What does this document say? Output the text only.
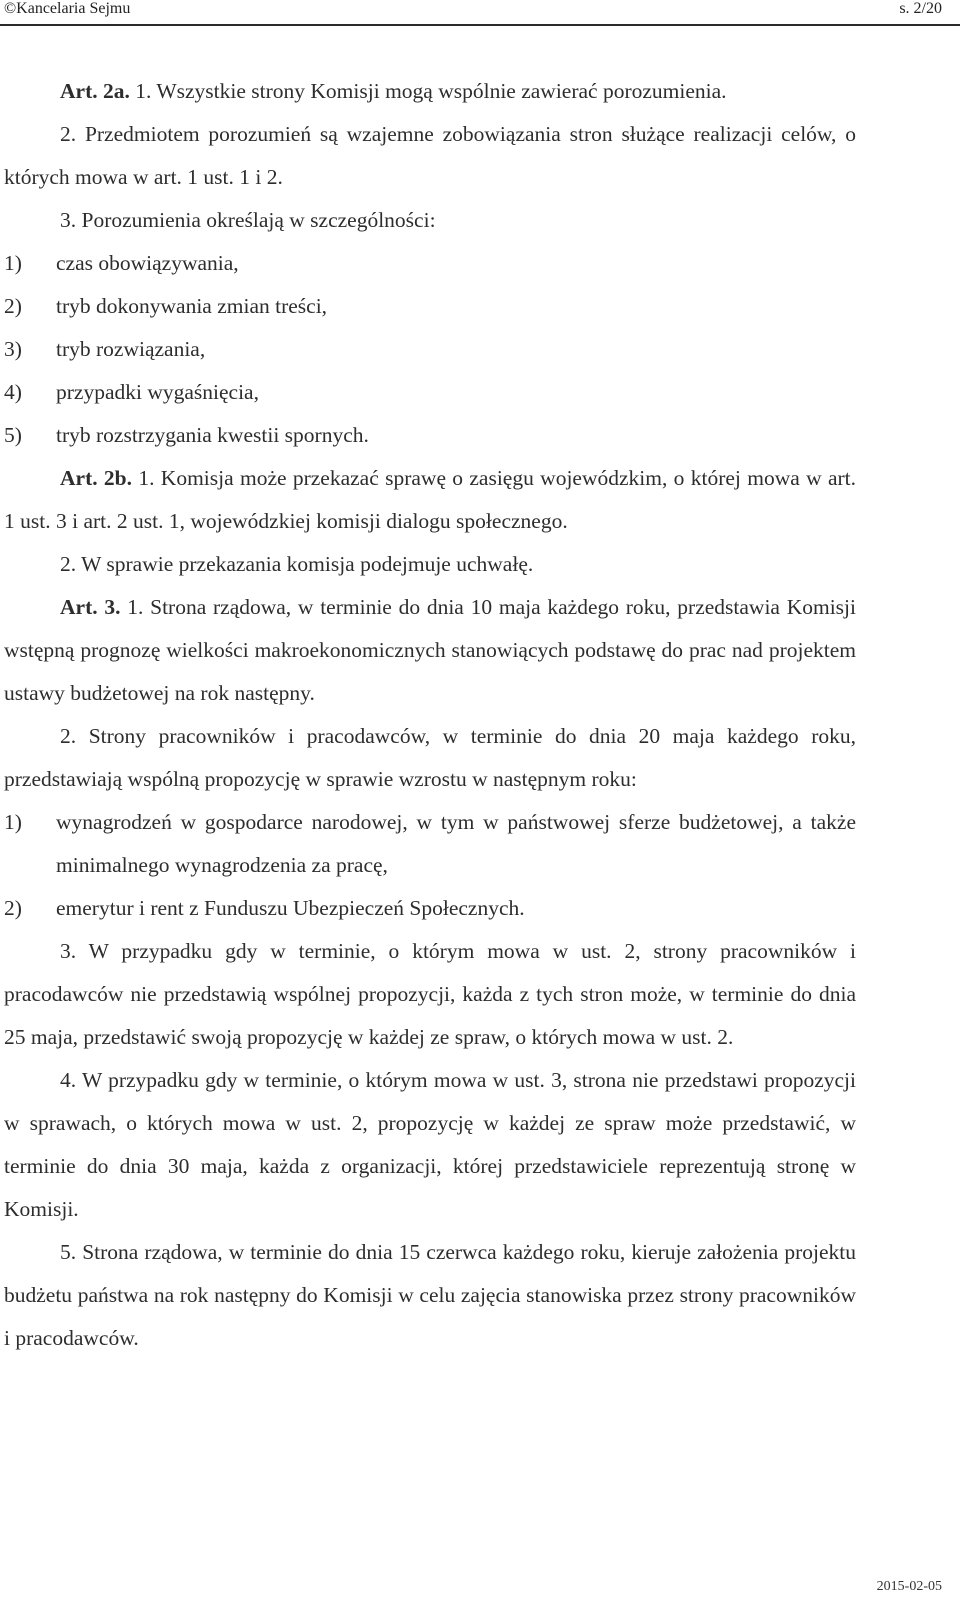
©Kancelaria Sejmu	s. 2/20

Art. 2a. 1. Wszystkie strony Komisji mogą wspólnie zawierać porozumienia.

2. Przedmiotem porozumień są wzajemne zobowiązania stron służące realizacji celów, o których mowa w art. 1 ust. 1 i 2.

3. Porozumienia określają w szczególności:

1) czas obowiązywania,

2) tryb dokonywania zmian treści,

3) tryb rozwiązania,

4) przypadki wygaśnięcia,

5) tryb rozstrzygania kwestii spornych.

Art. 2b. 1. Komisja może przekazać sprawę o zasięgu wojewódzkim, o której mowa w art. 1 ust. 3 i art. 2 ust. 1, wojewódzkiej komisji dialogu społecznego.

2. W sprawie przekazania komisja podejmuje uchwałę.

Art. 3. 1. Strona rządowa, w terminie do dnia 10 maja każdego roku, przedstawia Komisji wstępną prognozę wielkości makroekonomicznych stanowiących podstawę do prac nad projektem ustawy budżetowej na rok następny.

2. Strony pracowników i pracodawców, w terminie do dnia 20 maja każdego roku, przedstawiają wspólną propozycję w sprawie wzrostu w następnym roku:

1) wynagrodzeń w gospodarce narodowej, w tym w państwowej sferze budżetowej, a także minimalnego wynagrodzenia za pracę,

2) emerytur i rent z Funduszu Ubezpieczeń Społecznych.

3. W przypadku gdy w terminie, o którym mowa w ust. 2, strony pracowników i pracodawców nie przedstawią wspólnej propozycji, każda z tych stron może, w terminie do dnia 25 maja, przedstawić swoją propozycję w każdej ze spraw, o których mowa w ust. 2.

4. W przypadku gdy w terminie, o którym mowa w ust. 3, strona nie przedstawi propozycji w sprawach, o których mowa w ust. 2, propozycję w każdej ze spraw może przedstawić, w terminie do dnia 30 maja, każda z organizacji, której przedstawiciele reprezentują stronę w Komisji.

5. Strona rządowa, w terminie do dnia 15 czerwca każdego roku, kieruje założenia projektu budżetu państwa na rok następny do Komisji w celu zajęcia stanowiska przez strony pracowników i pracodawców.

2015-02-05
